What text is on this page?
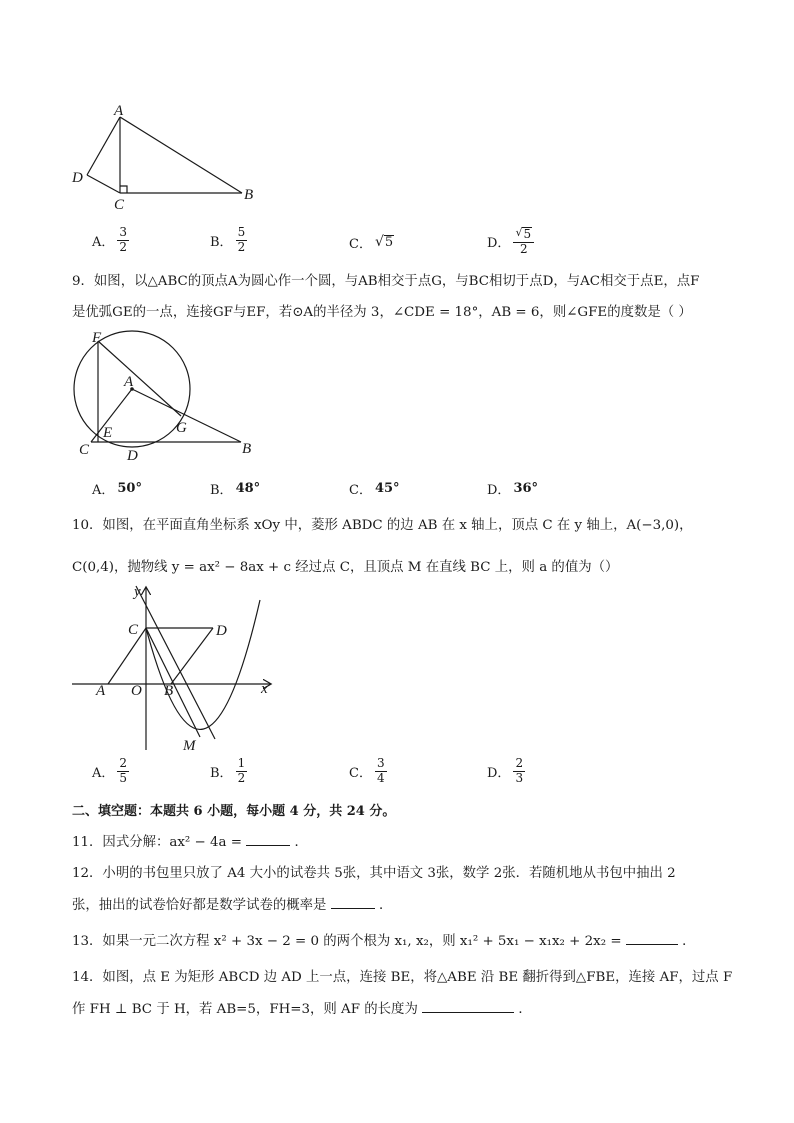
A
D
C
B
A． $\frac{3}{2}$	B． $\frac{5}{2}$	C． √ 5	D． $\frac{√ 5}{2}$
9．如图，以△ABC的顶点A为圆心作一个圆，与AB相交于点G，与BC相切于点D，与AC相交于点E，点F
是优弧GE的一点，连接GF与EF，若⊙A的半径为 3，∠CDE = 18°，AB = 6，则∠GFE的度数是（ ）
F
A
E	G
C	D	B
A． 50°	B． 48°	C． 45°	D． 36°
10．如图，在平面直角坐标系 xOy 中，菱形 ABDC 的边 AB 在 x 轴上，顶点 C 在 y 轴上，A(−3,0)，
C(0,4)，抛物线 y = ax² − 8ax + c 经过点 C，且顶点 M 在直线 BC 上，则 a 的值为（）
y
x
C	D
A O B
M
A． $\frac{2}{5}$	B． $\frac{1}{2}$	C． $\frac{3}{4}$	D． $\frac{2}{3}$
二、填空题：本题共 6 小题，每小题 4 分，共 24 分。
11．因式分解：ax² − 4a =	．
12．小明的书包里只放了 A4 大小的试卷共 5张，其中语文 3张，数学 2张．若随机地从书包中抽出 2
张，抽出的试卷恰好都是数学试卷的概率是	．
13．如果一元二次方程 x² + 3x − 2 = 0 的两个根为 x₁, x₂，则 x₁² + 5x₁ − x₁x₂ + 2x₂ =	．
14．如图，点 E 为矩形 ABCD 边 AD 上一点，连接 BE，将△ABE 沿 BE 翻折得到△FBE，连接 AF，过点 F
作 FH ⊥ BC 于 H，若 AB=5，FH=3，则 AF 的长度为	．
